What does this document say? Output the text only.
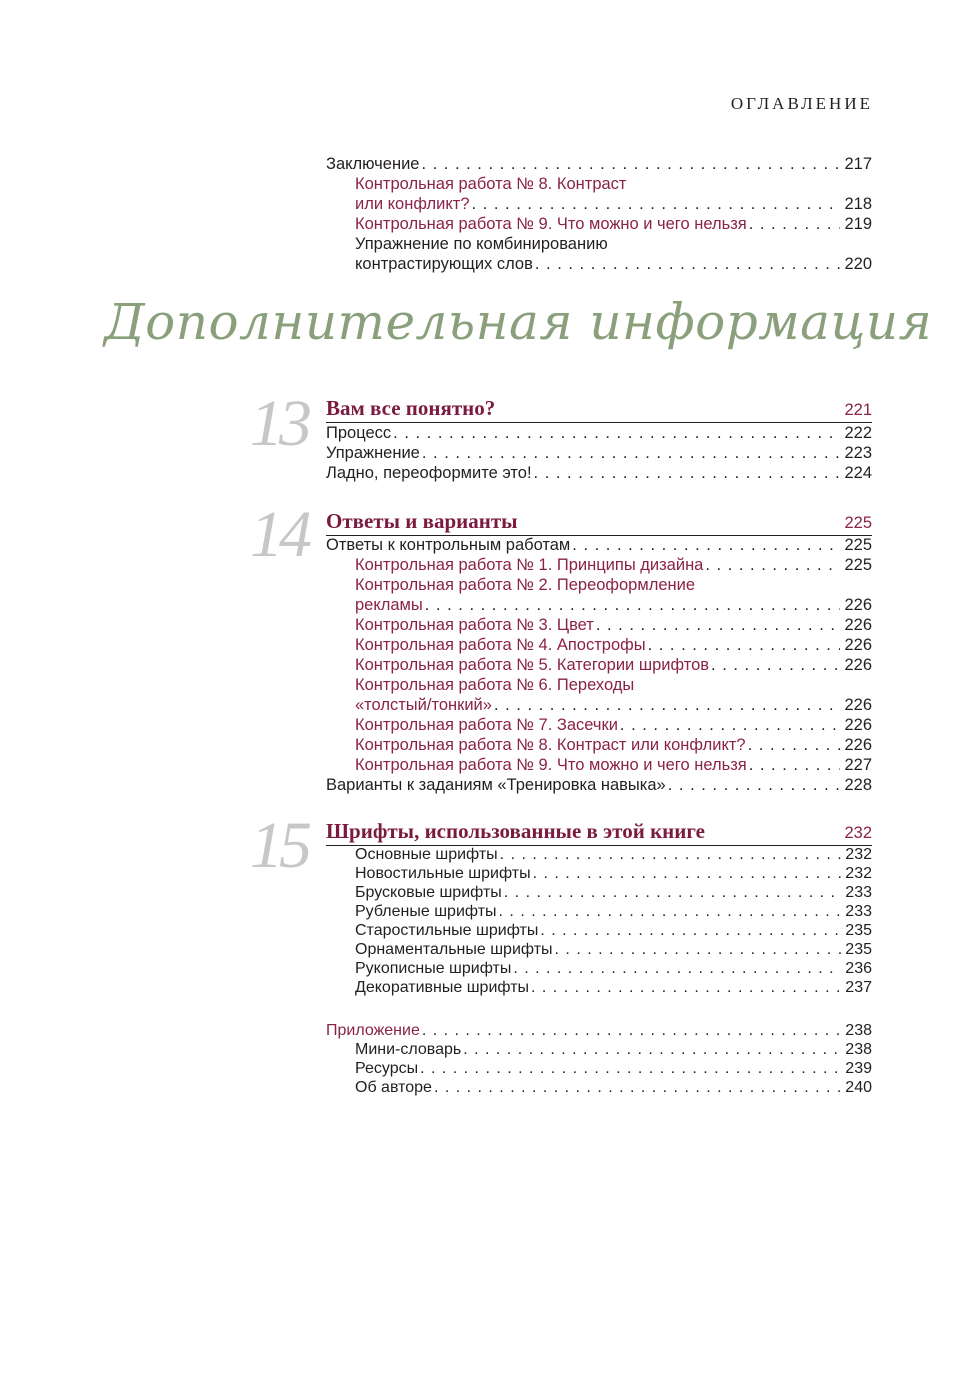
ОГЛАВЛЕНИЕ
Заключение . . .	217
Контрольная работа № 8. Контраст
или конфликт? . . .	218
Контрольная работа № 9. Что можно и чего нельзя . . .	219
Упражнение по комбинированию
контрастирующих слов . . .	220
Дополнительная информация
13 Вам все понятно?	221
Процесс . . .	222
Упражнение . . .	223
Ладно, переоформите это! . . .	224
14 Ответы и варианты	225
Ответы к контрольным работам . . .	225
Контрольная работа № 1. Принципы дизайна . . .	225
Контрольная работа № 2. Переоформление
рекламы . . .	226
Контрольная работа № 3. Цвет . . .	226
Контрольная работа № 4. Апострофы . . .	226
Контрольная работа № 5. Категории шрифтов . . .	226
Контрольная работа № 6. Переходы
«толстый/тонкий» . . .	226
Контрольная работа № 7. Засечки . . .	226
Контрольная работа № 8. Контраст или конфликт? . . .	226
Контрольная работа № 9. Что можно и чего нельзя . . .	227
Варианты к заданиям «Тренировка навыка» . . .	228
15 Шрифты, использованные в этой книге	232
Основные шрифты . . .	232
Новостильные шрифты . . .	232
Брусковые шрифты . . .	233
Рубленые шрифты . . .	233
Старостильные шрифты . . .	235
Орнаментальные шрифты . . .	235
Рукописные шрифты . . .	236
Декоративные шрифты . . .	237
Приложение . . .	238
Мини-словарь . . .	238
Ресурсы . . .	239
Об авторе . . .	240
